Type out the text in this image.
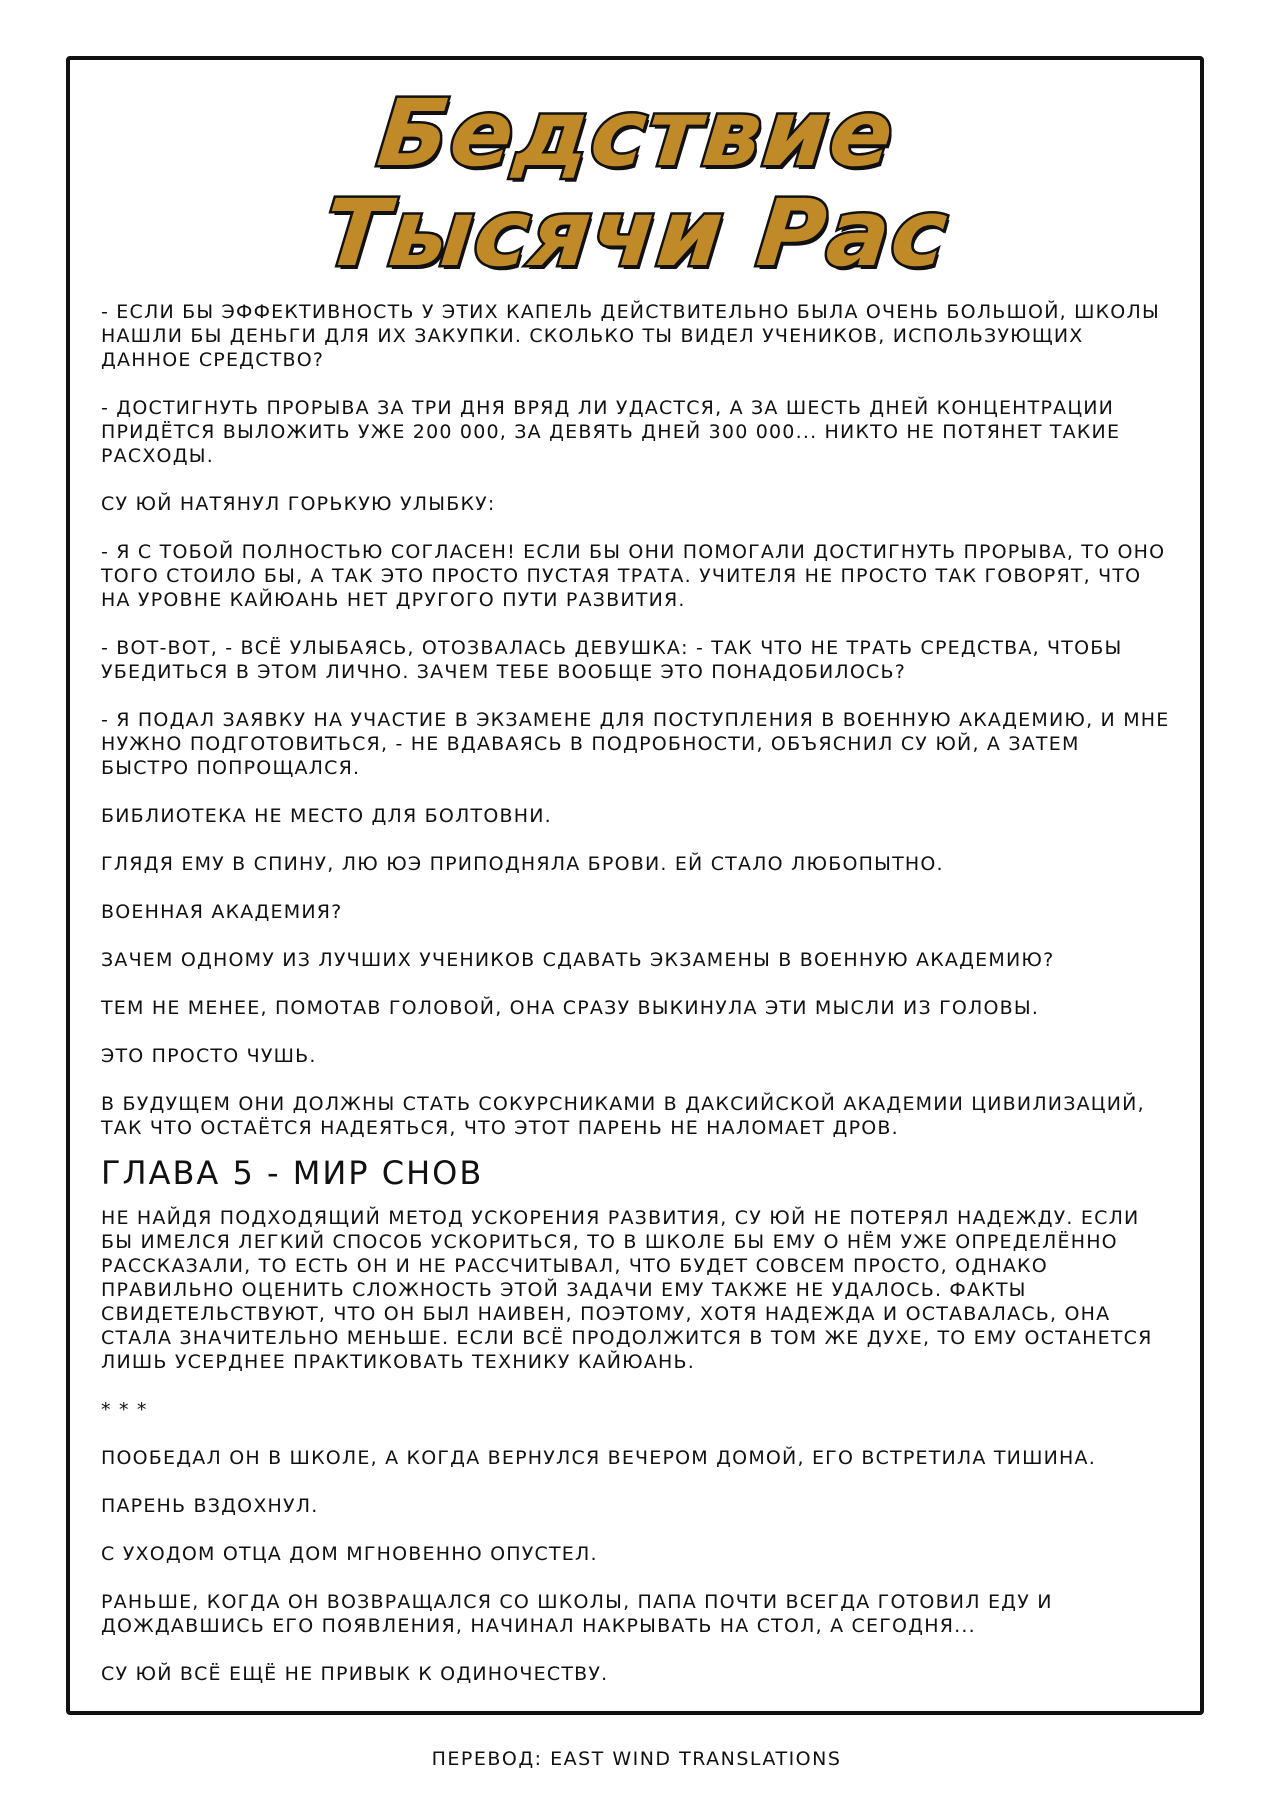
Бедствие
Тысячи Рас

- ЕСЛИ БЫ ЭФФЕКТИВНОСТЬ У ЭТИХ КАПЕЛЬ ДЕЙСТВИТЕЛЬНО БЫЛА ОЧЕНЬ БОЛЬШОЙ, ШКОЛЫ НАШЛИ БЫ ДЕНЬГИ ДЛЯ ИХ ЗАКУПКИ. СКОЛЬКО ТЫ ВИДЕЛ УЧЕНИКОВ, ИСПОЛЬЗУЮЩИХ ДАННОЕ СРЕДСТВО?

- ДОСТИГНУТЬ ПРОРЫВА ЗА ТРИ ДНЯ ВРЯД ЛИ УДАСТСЯ, А ЗА ШЕСТЬ ДНЕЙ КОНЦЕНТРАЦИИ ПРИДЁТСЯ ВЫЛОЖИТЬ УЖЕ 200 000, ЗА ДЕВЯТЬ ДНЕЙ 300 000... НИКТО НЕ ПОТЯНЕТ ТАКИЕ РАСХОДЫ.

СУ ЮЙ НАТЯНУЛ ГОРЬКУЮ УЛЫБКУ:

- Я С ТОБОЙ ПОЛНОСТЬЮ СОГЛАСЕН! ЕСЛИ БЫ ОНИ ПОМОГАЛИ ДОСТИГНУТЬ ПРОРЫВА, ТО ОНО ТОГО СТОИЛО БЫ, А ТАК ЭТО ПРОСТО ПУСТАЯ ТРАТА. УЧИТЕЛЯ НЕ ПРОСТО ТАК ГОВОРЯТ, ЧТО НА УРОВНЕ КАЙЮАНЬ НЕТ ДРУГОГО ПУТИ РАЗВИТИЯ.

- ВОТ-ВОТ, - ВСЁ УЛЫБАЯСЬ, ОТОЗВАЛАСЬ ДЕВУШКА: - ТАК ЧТО НЕ ТРАТЬ СРЕДСТВА, ЧТОБЫ УБЕДИТЬСЯ В ЭТОМ ЛИЧНО. ЗАЧЕМ ТЕБЕ ВООБЩЕ ЭТО ПОНАДОБИЛОСЬ?

- Я ПОДАЛ ЗАЯВКУ НА УЧАСТИЕ В ЭКЗАМЕНЕ ДЛЯ ПОСТУПЛЕНИЯ В ВОЕННУЮ АКАДЕМИЮ, И МНЕ НУЖНО ПОДГОТОВИТЬСЯ, - НЕ ВДАВАЯСЬ В ПОДРОБНОСТИ, ОБЪЯСНИЛ СУ ЮЙ, А ЗАТЕМ БЫСТРО ПОПРОЩАЛСЯ.

БИБЛИОТЕКА НЕ МЕСТО ДЛЯ БОЛТОВНИ.

ГЛЯДЯ ЕМУ В СПИНУ, ЛЮ ЮЭ ПРИПОДНЯЛА БРОВИ. ЕЙ СТАЛО ЛЮБОПЫТНО.

ВОЕННАЯ АКАДЕМИЯ?

ЗАЧЕМ ОДНОМУ ИЗ ЛУЧШИХ УЧЕНИКОВ СДАВАТЬ ЭКЗАМЕНЫ В ВОЕННУЮ АКАДЕМИЮ?

ТЕМ НЕ МЕНЕЕ, ПОМОТАВ ГОЛОВОЙ, ОНА СРАЗУ ВЫКИНУЛА ЭТИ МЫСЛИ ИЗ ГОЛОВЫ.

ЭТО ПРОСТО ЧУШЬ.

В БУДУЩЕМ ОНИ ДОЛЖНЫ СТАТЬ СОКУРСНИКАМИ В ДАКСИЙСКОЙ АКАДЕМИИ ЦИВИЛИЗАЦИЙ, ТАК ЧТО ОСТАЁТСЯ НАДЕЯТЬСЯ, ЧТО ЭТОТ ПАРЕНЬ НЕ НАЛОМАЕТ ДРОВ.

ГЛАВА 5 - МИР СНОВ

НЕ НАЙДЯ ПОДХОДЯЩИЙ МЕТОД УСКОРЕНИЯ РАЗВИТИЯ, СУ ЮЙ НЕ ПОТЕРЯЛ НАДЕЖДУ. ЕСЛИ БЫ ИМЕЛСЯ ЛЕГКИЙ СПОСОБ УСКОРИТЬСЯ, ТО В ШКОЛЕ БЫ ЕМУ О НЁМ УЖЕ ОПРЕДЕЛЁННО РАССКАЗАЛИ, ТО ЕСТЬ ОН И НЕ РАССЧИТЫВАЛ, ЧТО БУДЕТ СОВСЕМ ПРОСТО, ОДНАКО ПРАВИЛЬНО ОЦЕНИТЬ СЛОЖНОСТЬ ЭТОЙ ЗАДАЧИ ЕМУ ТАКЖЕ НЕ УДАЛОСЬ. ФАКТЫ СВИДЕТЕЛЬСТВУЮТ, ЧТО ОН БЫЛ НАИВЕН, ПОЭТОМУ, ХОТЯ НАДЕЖДА И ОСТАВАЛАСЬ, ОНА СТАЛА ЗНАЧИТЕЛЬНО МЕНЬШЕ. ЕСЛИ ВСЁ ПРОДОЛЖИТСЯ В ТОМ ЖЕ ДУХЕ, ТО ЕМУ ОСТАНЕТСЯ ЛИШЬ УСЕРДНЕЕ ПРАКТИКОВАТЬ ТЕХНИКУ КАЙЮАНЬ.

* * *

ПООБЕДАЛ ОН В ШКОЛЕ, А КОГДА ВЕРНУЛСЯ ВЕЧЕРОМ ДОМОЙ, ЕГО ВСТРЕТИЛА ТИШИНА.

ПАРЕНЬ ВЗДОХНУЛ.

С УХОДОМ ОТЦА ДОМ МГНОВЕННО ОПУСТЕЛ.

РАНЬШЕ, КОГДА ОН ВОЗВРАЩАЛСЯ СО ШКОЛЫ, ПАПА ПОЧТИ ВСЕГДА ГОТОВИЛ ЕДУ И ДОЖДАВШИСЬ ЕГО ПОЯВЛЕНИЯ, НАЧИНАЛ НАКРЫВАТЬ НА СТОЛ, А СЕГОДНЯ...

СУ ЮЙ ВСЁ ЕЩЁ НЕ ПРИВЫК К ОДИНОЧЕСТВУ.

ПЕРЕВОД: EAST WIND TRANSLATIONS
